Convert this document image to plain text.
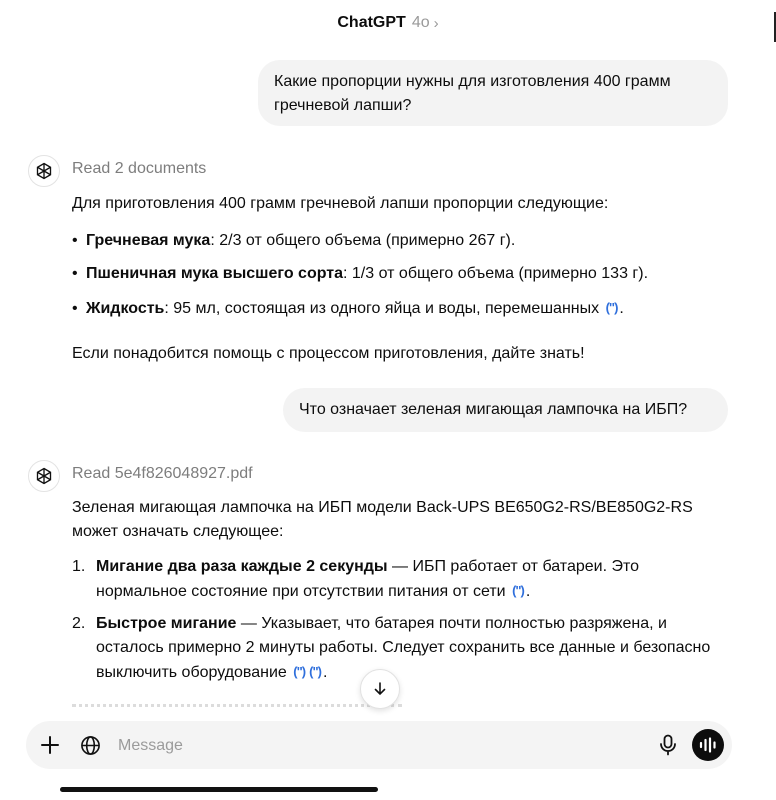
ChatGPT 4o ›
Какие пропорции нужны для изготовления 400 грамм гречневой лапши?
Read 2 documents
Для приготовления 400 грамм гречневой лапши пропорции следующие:
• Гречневая мука: 2/3 от общего объема (примерно 267 г).
• Пшеничная мука высшего сорта: 1/3 от общего объема (примерно 133 г).
• Жидкость: 95 мл, состоящая из одного яйца и воды, перемешанных (") .
Если понадобится помощь с процессом приготовления, дайте знать!
Что означает зеленая мигающая лампочка на ИБП?
Read 5e4f826048927.pdf
Зеленая мигающая лампочка на ИБП модели Back-UPS BE650G2-RS/BE850G2-RS может означать следующее:
1. Мигание два раза каждые 2 секунды — ИБП работает от батареи. Это нормальное состояние при отсутствии питания от сети (") .
2. Быстрое мигание — Указывает, что батарея почти полностью разряжена, и осталось примерно 2 минуты работы. Следует сохранить все данные и безопасно выключить оборудование (") (") .
Message
